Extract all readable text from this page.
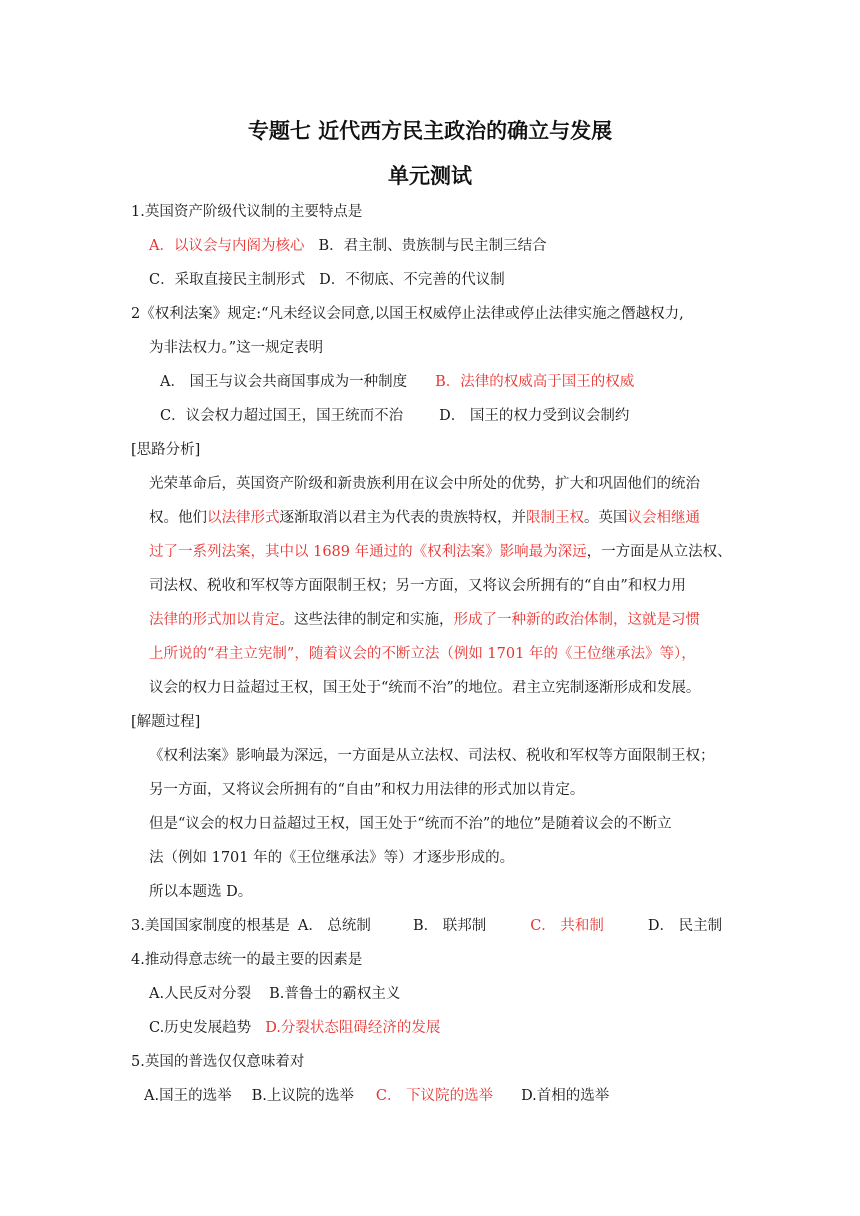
专题七 近代西方民主政治的确立与发展
单元测试
1.英国资产阶级代议制的主要特点是
A．以议会与内阁为核心 B．君主制、贵族制与民主制三结合
C．采取直接民主制形式 D．不彻底、不完善的代议制
2《权利法案》规定:“凡未经议会同意,以国王权威停止法律或停止法律实施之僭越权力,
为非法权力。”这一规定表明
A． 国王与议会共商国事成为一种制度 B．法律的权威高于国王的权威
C．议会权力超过国王，国王统而不治 D． 国王的权力受到议会制约
[思路分析]
光荣革命后，英国资产阶级和新贵族利用在议会中所处的优势，扩大和巩固他们的统治
权。他们以法律形式逐渐取消以君主为代表的贵族特权，并限制王权。英国议会相继通
过了一系列法案，其中以 1689 年通过的《权利法案》影响最为深远，一方面是从立法权、
司法权、税收和军权等方面限制王权；另一方面，又将议会所拥有的“自由”和权力用
法律的形式加以肯定。这些法律的制定和实施，形成了一种新的政治体制，这就是习惯
上所说的“君主立宪制”，随着议会的不断立法（例如 1701 年的《王位继承法》等），
议会的权力日益超过王权，国王处于“统而不治”的地位。君主立宪制逐渐形成和发展。
[解题过程]
《权利法案》影响最为深远，一方面是从立法权、司法权、税收和军权等方面限制王权；
另一方面，又将议会所拥有的“自由”和权力用法律的形式加以肯定。
但是“议会的权力日益超过王权，国王处于“统而不治”的地位”是随着议会的不断立
法（例如 1701 年的《王位继承法》等）才逐步形成的。
所以本题选 D。
3.美国国家制度的根基是 A． 总统制	B． 联邦制	C． 共和制	D． 民主制
4.推动得意志统一的最主要的因素是
A.人民反对分裂 B.普鲁士的霸权主义
C.历史发展趋势 D.分裂状态阻碍经济的发展
5.英国的普选仅仅意味着对
A.国王的选举 B.上议院的选举 C． 下议院的选举 D.首相的选举
